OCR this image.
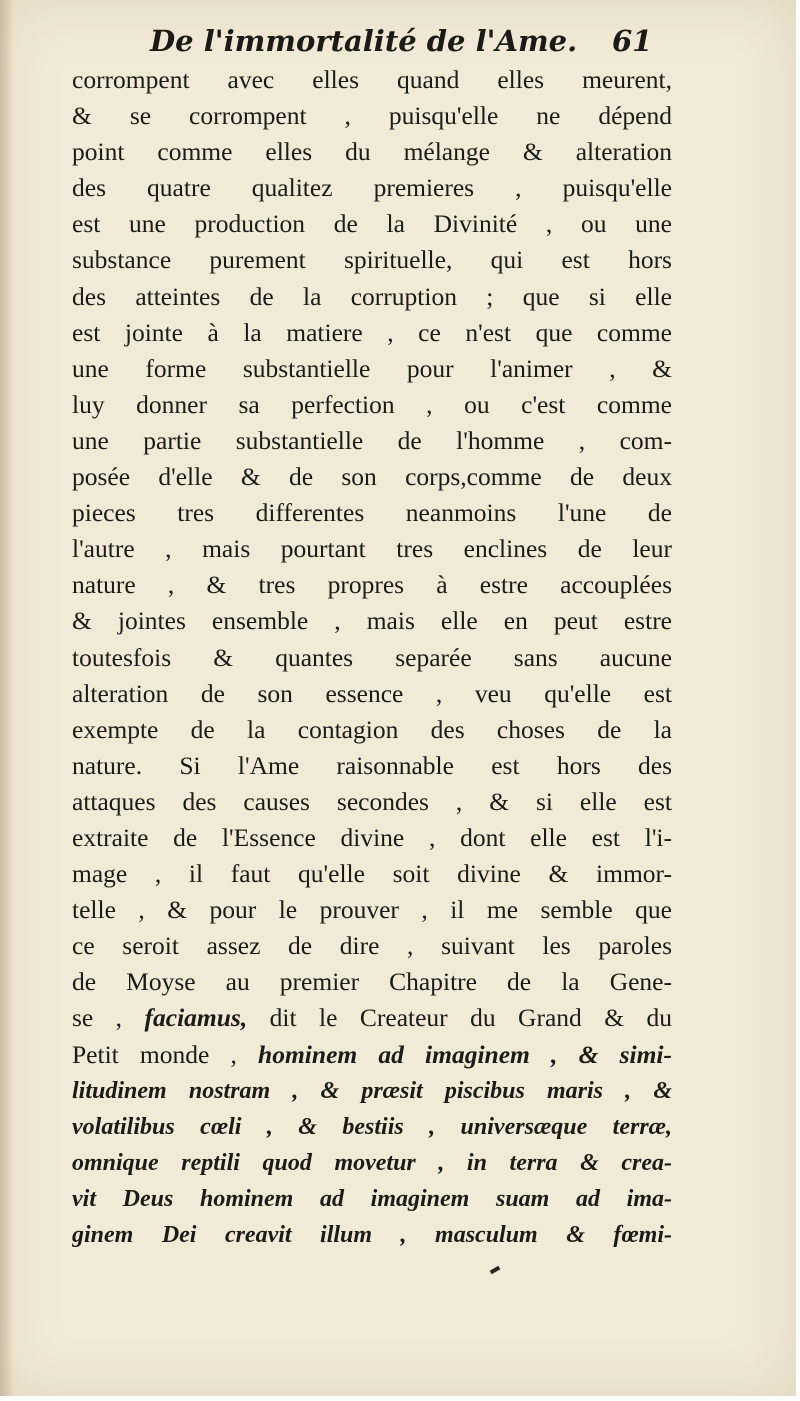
De l'immortalité de l'Ame.	61
corrompent avec elles quand elles meurent,
& se corrompent , puisqu'elle ne dépend
point comme elles du mélange & alteration
des quatre qualitez premieres , puisqu'elle
est une production de la Divinité , ou une
substance purement spirituelle, qui est hors
des atteintes de la corruption ; que si elle
est jointe à la matiere , ce n'est que comme
une forme substantielle pour l'animer , &
luy donner sa perfection , ou c'est comme
une partie substantielle de l'homme , com-
posée d'elle & de son corps,comme de deux
pieces tres differentes neanmoins l'une de
l'autre , mais pourtant tres enclines de leur
nature , & tres propres à estre accouplées
& jointes ensemble , mais elle en peut estre
toutesfois & quantes separée sans aucune
alteration de son essence , veu qu'elle est
exempte de la contagion des choses de la
nature. Si l'Ame raisonnable est hors des
attaques des causes secondes , & si elle est
extraite de l'Essence divine , dont elle est l'i-
mage , il faut qu'elle soit divine & immor-
telle , & pour le prouver , il me semble que
ce seroit assez de dire , suivant les paroles
de Moyse au premier Chapitre de la Gene-
se , faciamus, dit le Createur du Grand & du
Petit monde , hominem ad imaginem , & simi-
litudinem nostram , & præsit piscibus maris , &
volatilibus cœli , & bestiis , universæque terræ,
omnique reptili quod movetur , in terra & crea-
vit Deus hominem ad imaginem suam ad ima-
ginem Dei creavit illum , masculum & fœmi-
